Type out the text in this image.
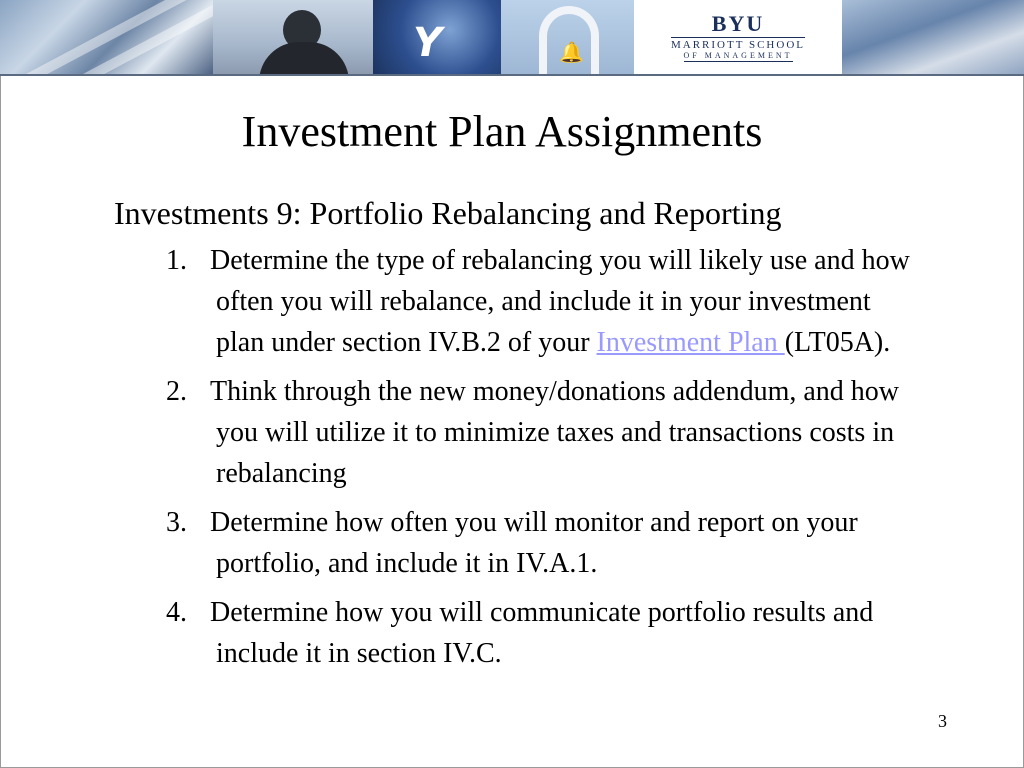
Y	🔔
BYU
MARRIOTT SCHOOL
OF MANAGEMENT
Investment Plan Assignments

Investments 9: Portfolio Rebalancing and Reporting

1. Determine the type of rebalancing you will likely use and how often you will rebalance, and include it in your investment plan under section IV.B.2 of your Investment Plan (LT05A).
2. Think through the new money/donations addendum, and how you will utilize it to minimize taxes and transactions costs in rebalancing
3. Determine how often you will monitor and report on your portfolio, and include it in IV.A.1.
4. Determine how you will communicate portfolio results and include it in section IV.C.
3
